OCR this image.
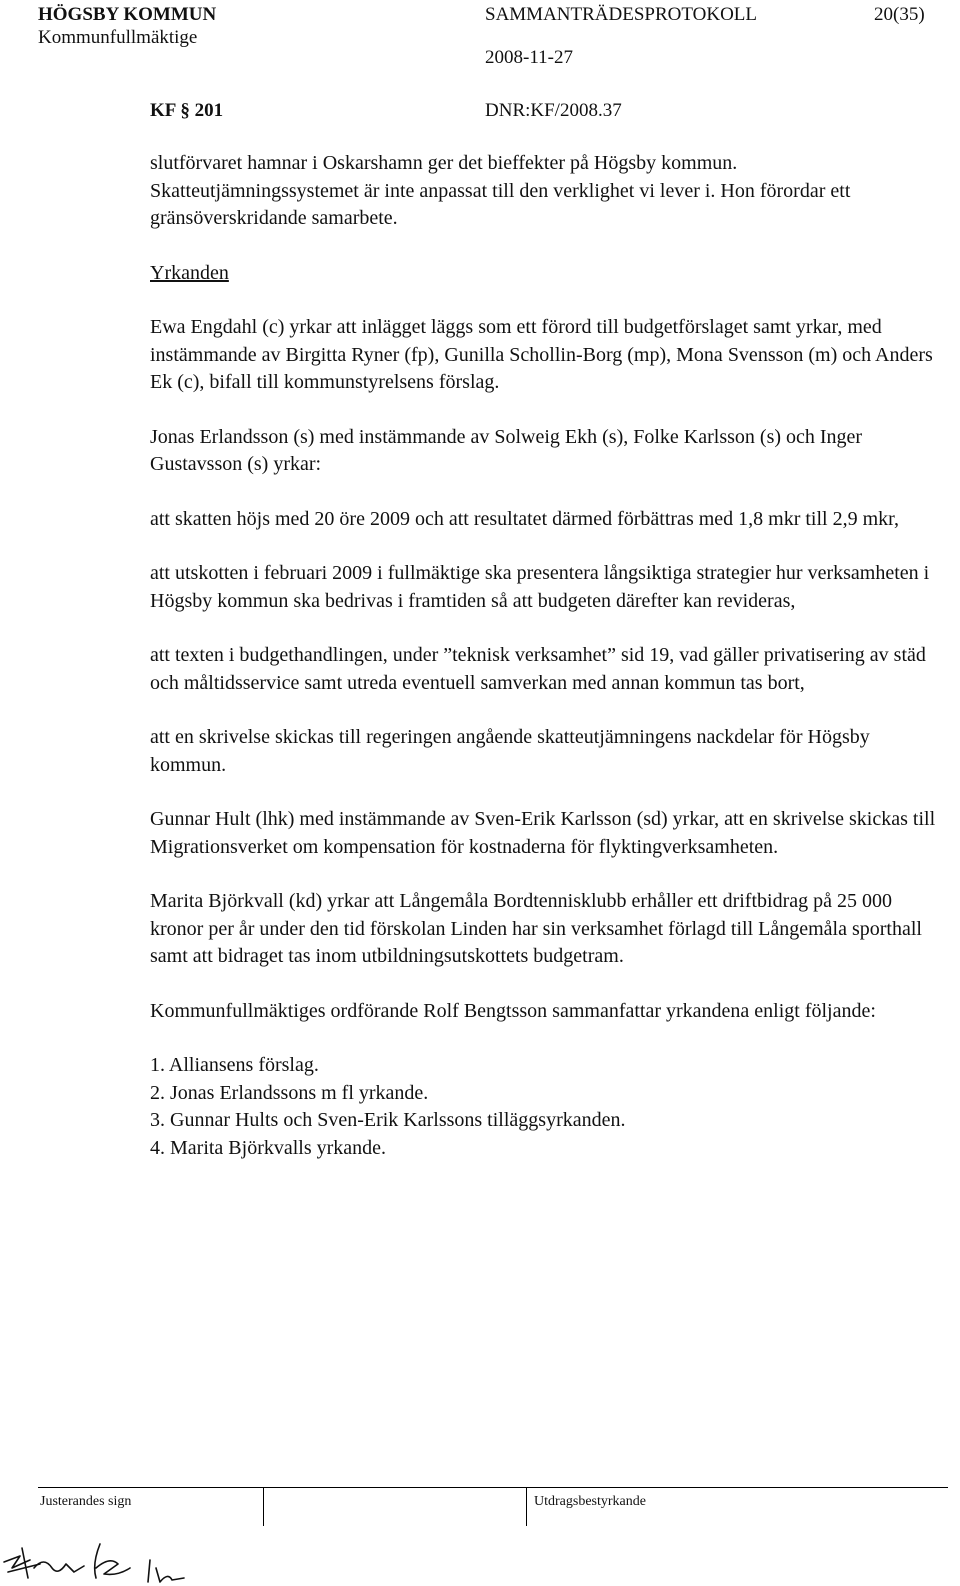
HÖGSBY KOMMUN
Kommunfullmäktige
SAMMANTRÄDESPROTOKOLL
2008-11-27
20(35)
KF § 201	DNR:KF/2008.37

slutförvaret hamnar i Oskarshamn ger det bieffekter på Högsby kommun. Skatteutjämningssystemet är inte anpassat till den verklighet vi lever i. Hon förordar ett gränsöverskridande samarbete.

Yrkanden

Ewa Engdahl (c) yrkar att inlägget läggs som ett förord till budgetförslaget samt yrkar, med instämmande av Birgitta Ryner (fp), Gunilla Schollin-Borg (mp), Mona Svensson (m) och Anders Ek (c), bifall till kommunstyrelsens förslag.

Jonas Erlandsson (s) med instämmande av Solweig Ekh (s), Folke Karlsson (s) och Inger Gustavsson (s) yrkar:

att skatten höjs med 20 öre 2009 och att resultatet därmed förbättras med 1,8 mkr till 2,9 mkr,

att utskotten i februari 2009 i fullmäktige ska presentera långsiktiga strategier hur verksamheten i Högsby kommun ska bedrivas i framtiden så att budgeten därefter kan revideras,

att texten i budgethandlingen, under ”teknisk verksamhet” sid 19, vad gäller privatisering av städ och måltidsservice samt utreda eventuell samverkan med annan kommun tas bort,

att en skrivelse skickas till regeringen angående skatteutjämningens nackdelar för Högsby kommun.

Gunnar Hult (lhk) med instämmande av Sven-Erik Karlsson (sd) yrkar, att en skrivelse skickas till Migrationsverket om kompensation för kostnaderna för flyktingverksamheten.

Marita Björkvall (kd) yrkar att Långemåla Bordtennisklubb erhåller ett driftbidrag på 25 000 kronor per år under den tid förskolan Linden har sin verksamhet förlagd till Långemåla sporthall samt att bidraget tas inom utbildningsutskottets budgetram.

Kommunfullmäktiges ordförande Rolf Bengtsson sammanfattar yrkandena enligt följande:

1. Alliansens förslag.

2. Jonas Erlandssons m fl yrkande.

3. Gunnar Hults och Sven-Erik Karlssons tilläggsyrkanden.

4. Marita Björkvalls yrkande.

Justerandes sign	Utdragsbestyrkande
